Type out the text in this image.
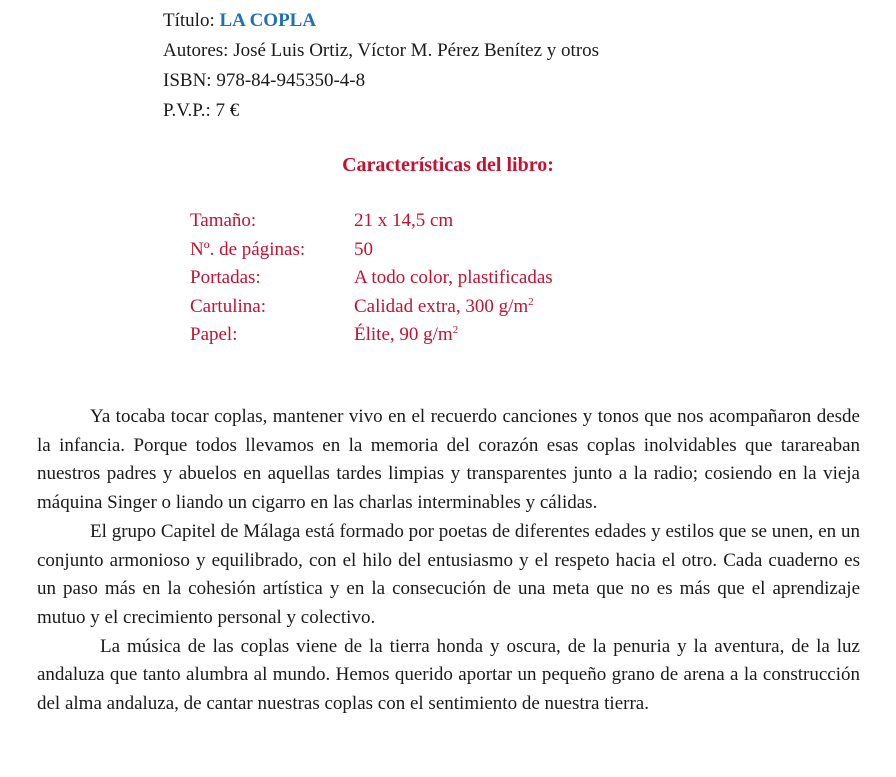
Título: LA COPLA
Autores: José Luis Ortiz, Víctor M. Pérez Benítez y otros
ISBN: 978-84-945350-4-8
P.V.P.: 7 €
Características del libro:
Tamaño:	21 x 14,5 cm
Nº. de páginas:	50
Portadas:	A todo color, plastificadas
Cartulina:	Calidad extra, 300 $g/m^2$
Papel:	Élite, 90 $g/m^2$

Ya tocaba tocar coplas, mantener vivo en el recuerdo canciones y tonos que nos acompañaron desde la infancia. Porque todos llevamos en la memoria del corazón esas coplas inolvidables que tarareaban nuestros padres y abuelos en aquellas tardes limpias y transparentes junto a la radio; cosiendo en la vieja máquina Singer o liando un cigarro en las charlas interminables y cálidas.

El grupo Capitel de Málaga está formado por poetas de diferentes edades y estilos que se unen, en un conjunto armonioso y equilibrado, con el hilo del entusiasmo y el respeto hacia el otro. Cada cuaderno es un paso más en la cohesión artística y en la consecución de una meta que no es más que el aprendizaje mutuo y el crecimiento personal y colectivo.

La música de las coplas viene de la tierra honda y oscura, de la penuria y la aventura, de la luz andaluza que tanto alumbra al mundo. Hemos querido aportar un pequeño grano de arena a la construcción del alma andaluza, de cantar nuestras coplas con el sentimiento de nuestra tierra.
